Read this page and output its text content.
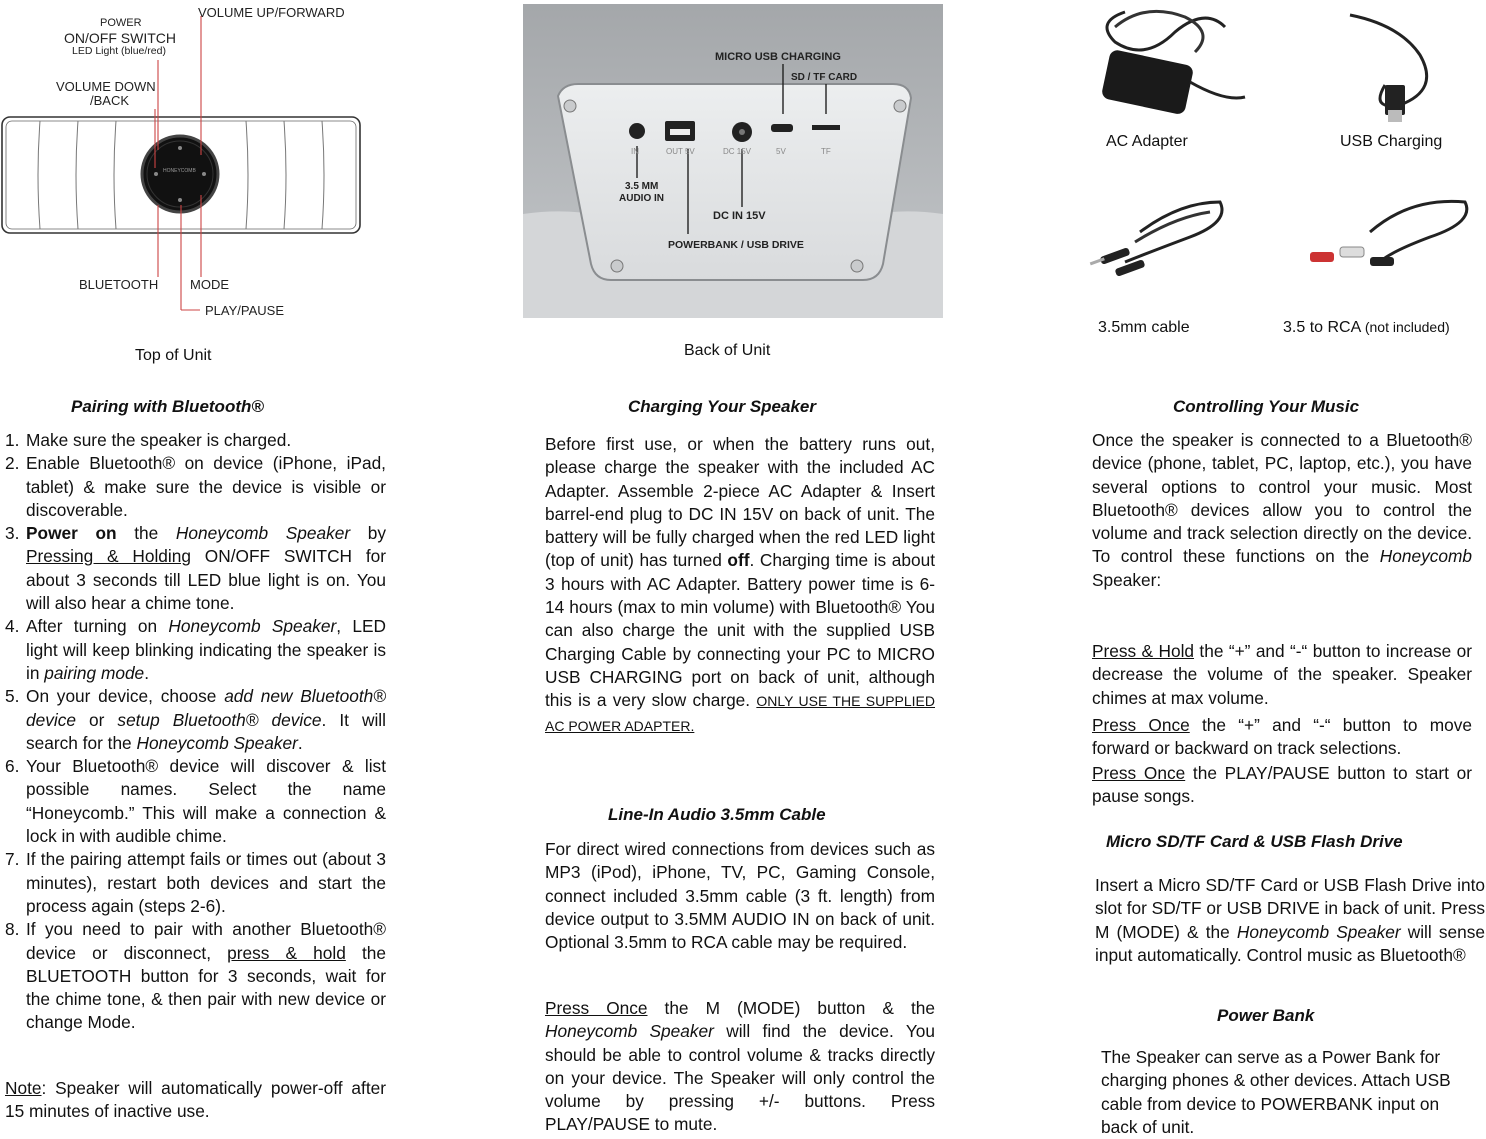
POWER
ON/OFF SWITCH
LED Light (blue/red)
VOLUME UP/FORWARD
VOLUME DOWN
/BACK
HONEYCOMB
BLUETOOTH MODE
PLAY/PAUSE
Top of Unit
MICRO USB CHARGING
SD / TF CARD
IN	OUT 5V	DC 15V	5V	TF
3.5 MM
AUDIO IN
DC IN 15V
POWERBANK / USB DRIVE
Back of Unit
AC Adapter	USB Charging
3.5mm cable	3.5 to RCA (not included)
Pairing with Bluetooth®
1. Make sure the speaker is charged.
2. Enable Bluetooth® on device (iPhone, iPad, tablet) & make sure the device is visible or discoverable.
3. Power on the Honeycomb Speaker by Pressing & Holding ON/OFF SWITCH for about 3 seconds till LED blue light is on. You will also hear a chime tone.
4. After turning on Honeycomb Speaker, LED light will keep blinking indicating the speaker is in pairing mode.
5. On your device, choose add new Bluetooth® device or setup Bluetooth® device. It will search for the Honeycomb Speaker.
6. Your Bluetooth® device will discover & list possible names. Select the name “Honeycomb.” This will make a connection & lock in with audible chime.
7. If the pairing attempt fails or times out (about 3 minutes), restart both devices and start the process again (steps 2-6).
8. If you need to pair with another Bluetooth® device or disconnect, press & hold the BLUETOOTH button for 3 seconds, wait for the chime tone, & then pair with new device or change Mode.
Note: Speaker will automatically power-off after 15 minutes of inactive use.
Charging Your Speaker
Before first use, or when the battery runs out, please charge the speaker with the included AC Adapter. Assemble 2-piece AC Adapter & Insert barrel-end plug to DC IN 15V on back of unit. The battery will be fully charged when the red LED light (top of unit) has turned off. Charging time is about 3 hours with AC Adapter. Battery power time is 6-14 hours (max to min volume) with Bluetooth® You can also charge the unit with the supplied USB Charging Cable by connecting your PC to MICRO USB CHARGING port on back of unit, although this is a very slow charge. ONLY USE THE SUPPLIED AC POWER ADAPTER.
Line-In Audio 3.5mm Cable
For direct wired connections from devices such as MP3 (iPod), iPhone, TV, PC, Gaming Console, connect included 3.5mm cable (3 ft. length) from device output to 3.5MM AUDIO IN on back of unit. Optional 3.5mm to RCA cable may be required.
Press Once the M (MODE) button & the Honeycomb Speaker will find the device. You should be able to control volume & tracks directly on your device. The Speaker will only control the volume by pressing +/- buttons. Press PLAY/PAUSE to mute.
Controlling Your Music
Once the speaker is connected to a Bluetooth® device (phone, tablet, PC, laptop, etc.), you have several options to control your music. Most Bluetooth® devices allow you to control the volume and track selection directly on the device. To control these functions on the Honeycomb Speaker:
Press & Hold the “+” and “-“ button to increase or decrease the volume of the speaker. Speaker chimes at max volume.
Press Once the “+” and “-“ button to move forward or backward on track selections.
Press Once the PLAY/PAUSE button to start or pause songs.
Micro SD/TF Card & USB Flash Drive
Insert a Micro SD/TF Card or USB Flash Drive into slot for SD/TF or USB DRIVE in back of unit. Press M (MODE) & the Honeycomb Speaker will sense input automatically. Control music as Bluetooth®
Power Bank
The Speaker can serve as a Power Bank for charging phones & other devices. Attach USB cable from device to POWERBANK input on back of unit.
